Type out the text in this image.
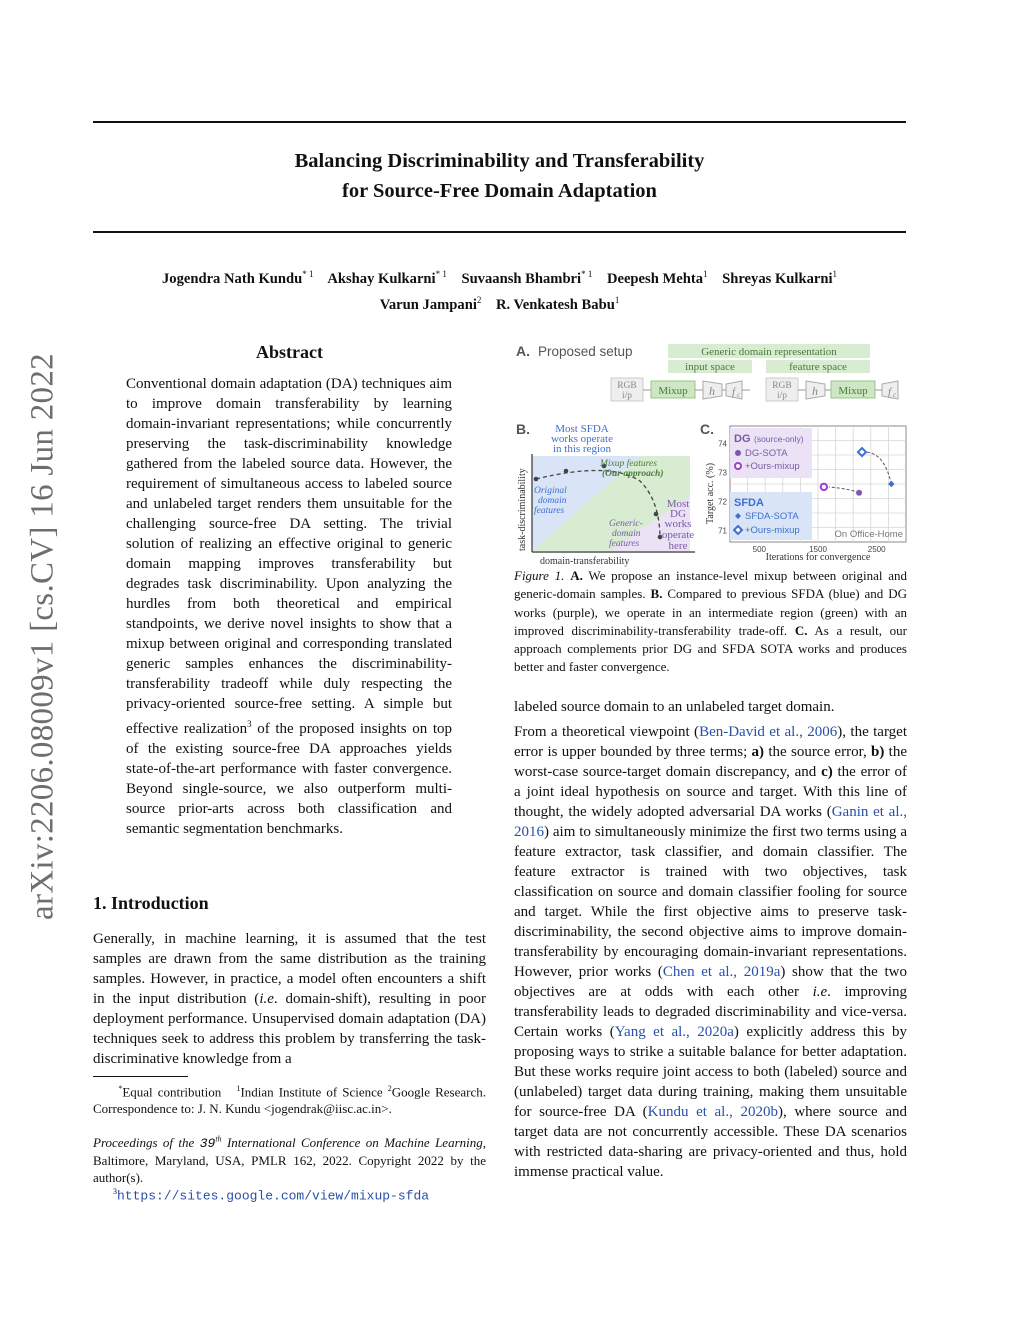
arXiv:2206.08009v1 [cs.CV] 16 Jun 2022
Balancing Discriminability and Transferability
for Source-Free Domain Adaptation
Jogendra Nath Kundu$^{* 1}$ Akshay Kulkarni$^{* 1}$ Suvaansh Bhambri$^{* 1}$ Deepesh Mehta$^1$ Shreyas Kulkarni$^1$
Varun Jampani$^2$ R. Venkatesh Babu$^1$
Abstract
Conventional domain adaptation (DA) techniques aim to improve domain transferability by learning domain-invariant representations; while concurrently preserving the task-discriminability knowledge gathered from the labeled source data. However, the requirement of simultaneous access to labeled source and unlabeled target renders them unsuitable for the challenging source-free DA setting. The trivial solution of realizing an effective original to generic domain mapping improves transferability but degrades task discriminability. Upon analyzing the hurdles from both theoretical and empirical standpoints, we derive novel insights to show that a mixup between original and corresponding translated generic samples enhances the discriminability-transferability tradeoff while duly respecting the privacy-oriented source-free setting. A simple but effective realization$^3$ of the proposed insights on top of the existing source-free DA approaches yields state-of-the-art performance with faster convergence. Beyond single-source, we also outperform multi-source prior-arts across both classification and semantic segmentation benchmarks.
1. Introduction
Generally, in machine learning, it is assumed that the test samples are drawn from the same distribution as the training samples. However, in practice, a model often encounters a shift in the input distribution (i.e. domain-shift), resulting in poor deployment performance. Unsupervised domain adaptation (DA) techniques seek to address this problem by transferring the task-discriminative knowledge from a
*Equal contribution $^1$Indian Institute of Science $^2$Google Research. Correspondence to: J. N. Kundu <jogendrak@iisc.ac.in>.
Proceedings of the 39th International Conference on Machine Learning, Baltimore, Maryland, USA, PMLR 162, 2022. Copyright 2022 by the author(s).
$^3$https://sites.google.com/view/mixup-sfda
A. Proposed setup	Generic domain representation
input space	feature space
RGB
i/p Mixup h f c
RGB
i/p h Mixup f c
B. Most SFDA
works operate
in this region
task-discriminability
domain-transferability
Original
domain
features
Mixup features
(Our approach)
Generic-
domain
features
Most
DG
works
operate
here
C.
DG (source-only)
DG-SOTA
+Ours-mixup
SFDA
SFDA-SOTA
+Ours-mixup	On Office-Home
500	1500	2500
71
72
73
74
Target acc. (%)
Iterations for convergence
Figure 1. A. We propose an instance-level mixup between original and generic-domain samples. B. Compared to previous SFDA (blue) and DG works (purple), we operate in an intermediate region (green) with an improved discriminability-transferability trade-off. C. As a result, our approach complements prior DG and SFDA SOTA works and produces better and faster convergence.
labeled source domain to an unlabeled target domain.
From a theoretical viewpoint (Ben-David et al., 2006), the target error is upper bounded by three terms; a) the source error, b) the worst-case source-target domain discrepancy, and c) the error of a joint ideal hypothesis on source and target. With this line of thought, the widely adopted adversarial DA works (Ganin et al., 2016) aim to simultaneously minimize the first two terms using a feature extractor, task classifier, and domain classifier. The feature extractor is trained with two objectives, task classification on source and domain classifier fooling for source and target. While the first objective aims to preserve task-discriminability, the second objective aims to improve domain-transferability by encouraging domain-invariant representations. However, prior works (Chen et al., 2019a) show that the two objectives are at odds with each other i.e. improving transferability leads to degraded discriminability and vice-versa. Certain works (Yang et al., 2020a) explicitly address this by proposing ways to strike a suitable balance for better adaptation. But these works require joint access to both (labeled) source and (unlabeled) target data during training, making them unsuitable for source-free DA (Kundu et al., 2020b), where source and target data are not concurrently accessible. These DA scenarios with restricted data-sharing are privacy-oriented and thus, hold immense practical value.
